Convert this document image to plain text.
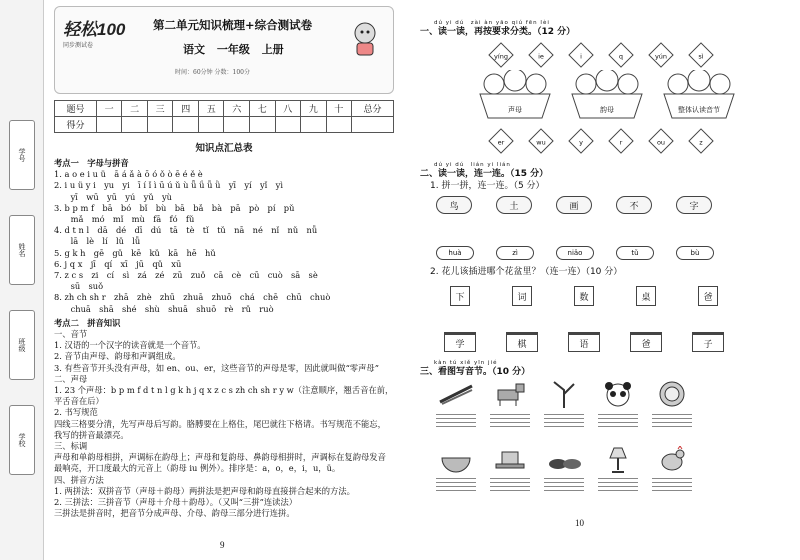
学号
姓名
班级
学校
轻松100
同步测试卷
第二单元知识梳理+综合测试卷
语文 一年级 上册
时间：60分钟 分数：100分
题号	一	二	三	四	五	六	七	八	九	十	总分
得分											
知识点汇总表
考点一　字母与拼音
1. a o e i u ü　ā á ǎ à ō ó ǒ ò ē é ě è
2. i u ü y i　yu　yi　ī í ǐ ì ū ú ǔ ù ǖ ǘ ǚ ǜ　yī　yí　yǐ　yì
　　yī　wū　yū　yú　yǔ　yù
3. b p m f　bā　bó　bǐ　bù　bā　bǎ　bà　pā　pò　pí　pǔ
　　mǎ　mó　mǐ　mù　fā　fó　fǔ
4. d t n l　dā　dé　dī　dú　tā　tè　tǐ　tǔ　nā　né　nǐ　nǔ　nǚ
　　lā　lè　lí　lǔ　lǚ
5. g k h　gē　gǔ　kē　kǔ　kā　hē　hǔ
6. j q x　jī　qí　xī　jū　qǔ　xū
7. z c s　zi　cí　sì　zá　zé　zū　zuǒ　cā　cè　cū　cuò　sā　sè
　　sū　suǒ
8. zh ch sh r　zhā　zhè　zhū　zhuā　zhuō　chá　chē　chū　chuò
　　chuā　shā　shé　shù　shuā　shuō　rè　rǔ　ruò
考点二　拼音知识
一、音节
1. 汉语的一个汉字的读音就是一个音节。
2. 音节由声母、韵母和声调组成。
3. 有些音节开头没有声母，如 en、ou、er，这些音节的声母是零，因此就叫做“零声母”
二、声母
1. 23 个声母：b p m f d t n l g k h j q x z c s zh ch sh r y w（注意顺序，翘舌音在前，平舌音在后）
2. 书写规范
四线三格要分清，先写声母后写韵。胳膊要在上格住，尾巴就往下格请。书写规范不能忘，我写的拼音最漂亮。
三、标调
声母和单韵母相拼，声调标在韵母上；声母和复韵母、鼻韵母相拼时，声调标在复韵母发音最响亮，开口度最大的元音上（韵母 iu 例外）。排序是：a，o，e，i，u，ü。
四、拼音方法
1. 两拼法：双拼音节（声母＋韵母）两拼法是把声母和韵母直接拼合起来的方法。
2. 三拼法：三拼音节（声母＋介母＋韵母）。（又叫“三拼”连读法）
三拼法是拼音时，把音节分成声母、介母、韵母三部分进行连拼。
9
dú yi dú　zài àn yāo qiú fēn lèi
一、读一读，再按要求分类。（12 分）
yíng	ie	i	q	yún	sì
声母	韵母	整体认读音节
er	wu	y	r	ou	z
dú yi dú　lián yi lián
二、读一读，连一连。（15 分）
1. 拼一拼，连一连。（5 分）
鸟	土	画	不	字
huà	zì	niǎo	tǔ	bù
2. 花儿该插进哪个花盆里？（连一连）（10 分）
下	词	数	桌	爸
学	棋	语	爸	子
kàn tú xiě yīn jié
三、看图写音节。（10 分）
10
